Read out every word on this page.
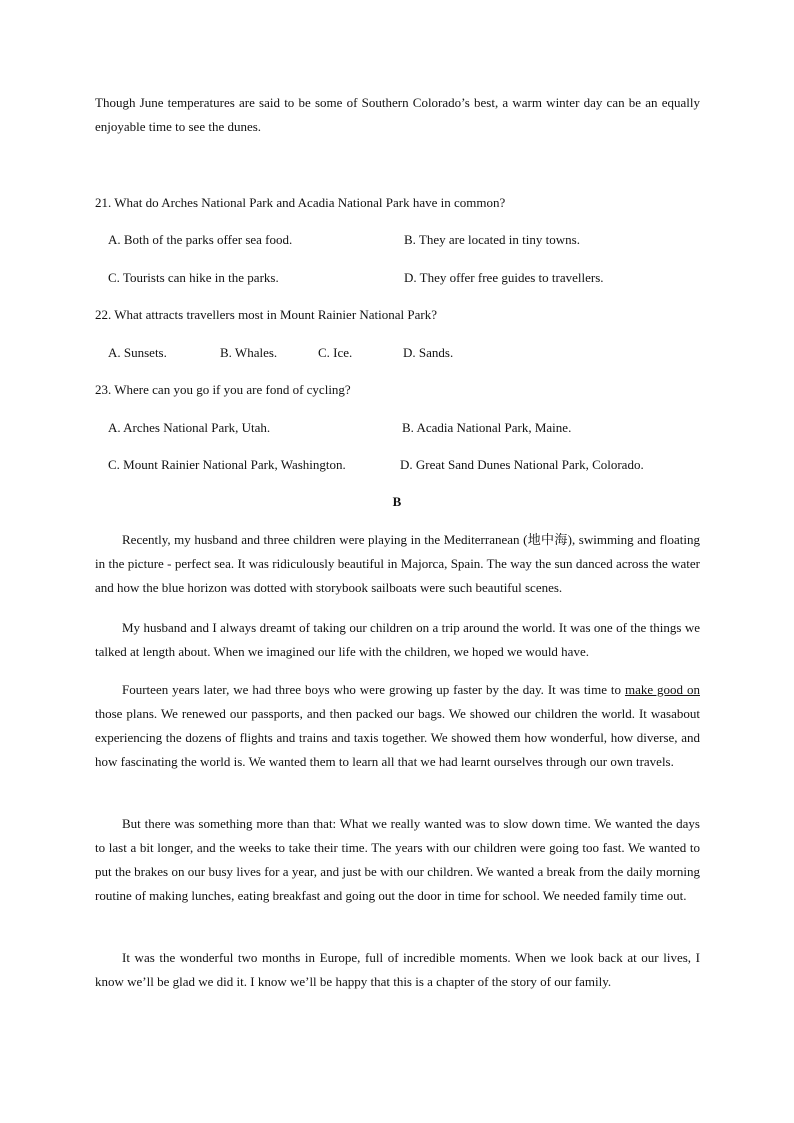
Though June temperatures are said to be some of Southern Colorado’s best, a warm winter day can be an equally enjoyable time to see the dunes.

21. What do Arches National Park and Acadia National Park have in common?

A. Both of the parks offer sea food.	B. They are located in tiny towns.

C. Tourists can hike in the parks.	D. They offer free guides to travellers.

22. What attracts travellers most in Mount Rainier National Park?

A. Sunsets.	B. Whales.	C. Ice.	D. Sands.

23. Where can you go if you are fond of cycling?

A. Arches National Park, Utah.	B. Acadia National Park, Maine.

C. Mount Rainier National Park, Washington.	D. Great Sand Dunes National Park, Colorado.

B

Recently, my husband and three children were playing in the Mediterranean (地中海), swimming and floating in the picture - perfect sea. It was ridiculously beautiful in Majorca, Spain. The way the sun danced across the water and how the blue horizon was dotted with storybook sailboats were such beautiful scenes.

My husband and I always dreamt of taking our children on a trip around the world. It was one of the things we talked at length about. When we imagined our life with the children, we hoped we would have.

Fourteen years later, we had three boys who were growing up faster by the day. It was time to make good on those plans. We renewed our passports, and then packed our bags. We showed our children the world. It wasabout experiencing the dozens of flights and trains and taxis together. We showed them how wonderful, how diverse, and how fascinating the world is. We wanted them to learn all that we had learnt ourselves through our own travels.

But there was something more than that: What we really wanted was to slow down time. We wanted the days to last a bit longer, and the weeks to take their time. The years with our children were going too fast. We wanted to put the brakes on our busy lives for a year, and just be with our children. We wanted a break from the daily morning routine of making lunches, eating breakfast and going out the door in time for school. We needed family time out.

It was the wonderful two months in Europe, full of incredible moments. When we look back at our lives, I know we’ll be glad we did it. I know we’ll be happy that this is a chapter of the story of our family.
